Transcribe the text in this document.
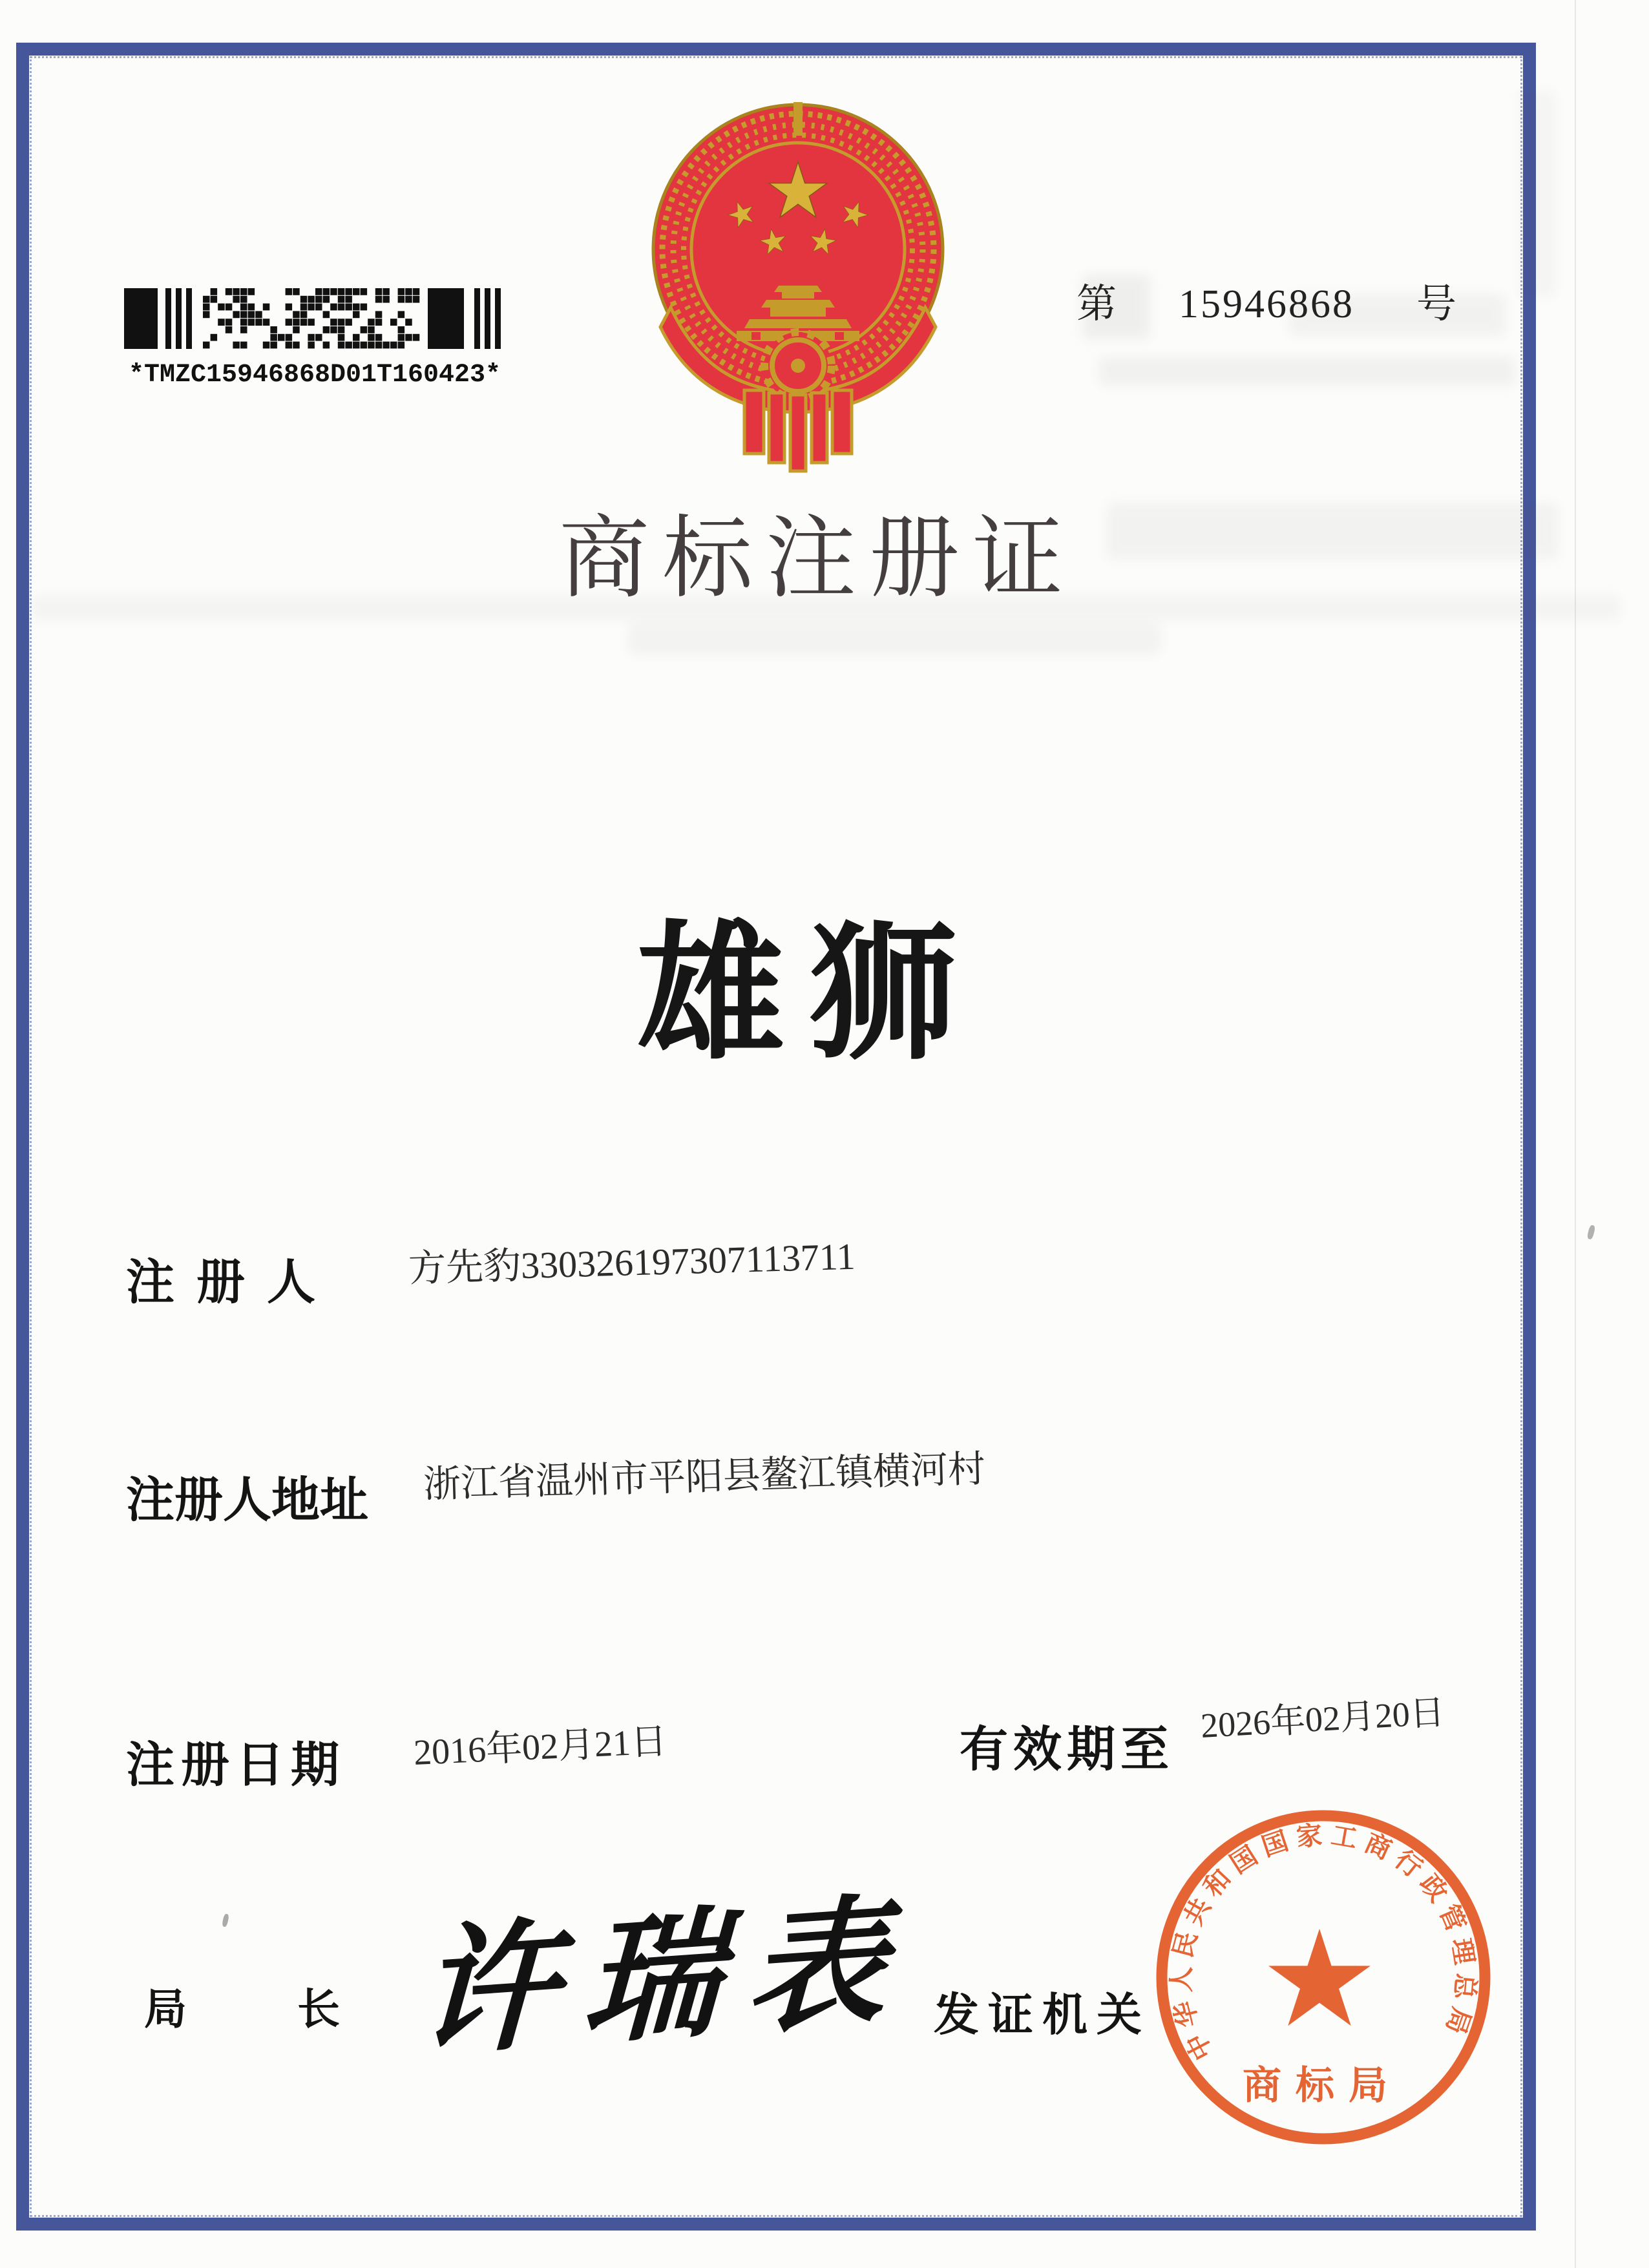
*TMZC15946868D01T160423*
第 15946868 号
商标注册证
雄狮
注册人 方先豹330326197307113711
注册人地址 浙江省温州市平阳县鳌江镇横河村
注册日期 2016年02月21日	有效期至
2026年02月20日
局	长 许瑞表 发证机关
中华人民共和国国家工商行政管理总局
商标局
